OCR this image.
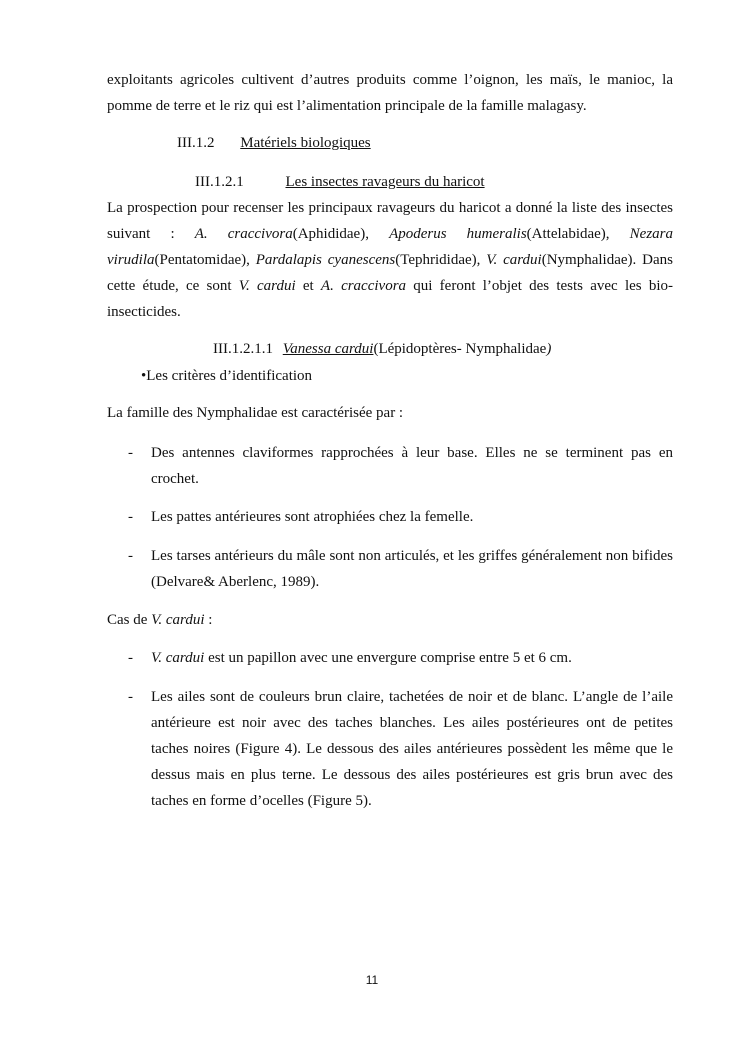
exploitants agricoles cultivent d’autres produits comme l’oignon, les maïs, le manioc, la pomme de terre et le riz qui est l’alimentation principale de la famille malagasy.
III.1.2 Matériels biologiques
III.1.2.1	Les insectes ravageurs du haricot
La prospection pour recenser les principaux ravageurs du haricot a donné la liste des insectes suivant : A. craccivora(Aphididae), Apoderus humeralis(Attelabidae), Nezara virudila(Pentatomidae), Pardalapis cyanescens(Tephrididae), V. cardui(Nymphalidae). Dans cette étude, ce sont V. cardui et A. craccivora qui feront l’objet des tests avec les bio-insecticides.
III.1.2.1.1 Vanessa cardui(Lépidoptères- Nymphalidae)
•Les critères d’identification
La famille des Nymphalidae est caractérisée par :
- Des antennes claviformes rapprochées à leur base. Elles ne se terminent pas en crochet.
- Les pattes antérieures sont atrophiées chez la femelle.
- Les tarses antérieurs du mâle sont non articulés, et les griffes généralement non bifides (Delvare& Aberlenc, 1989).
Cas de V. cardui :
- V. cardui est un papillon avec une envergure comprise entre 5 et 6 cm.
- Les ailes sont de couleurs brun claire, tachetées de noir et de blanc. L’angle de l’aile antérieure est noir avec des taches blanches. Les ailes postérieures ont de petites taches noires (Figure 4). Le dessous des ailes antérieures possèdent les même que le dessus mais en plus terne. Le dessous des ailes postérieures est gris brun avec des taches en forme d’ocelles (Figure 5).
11
